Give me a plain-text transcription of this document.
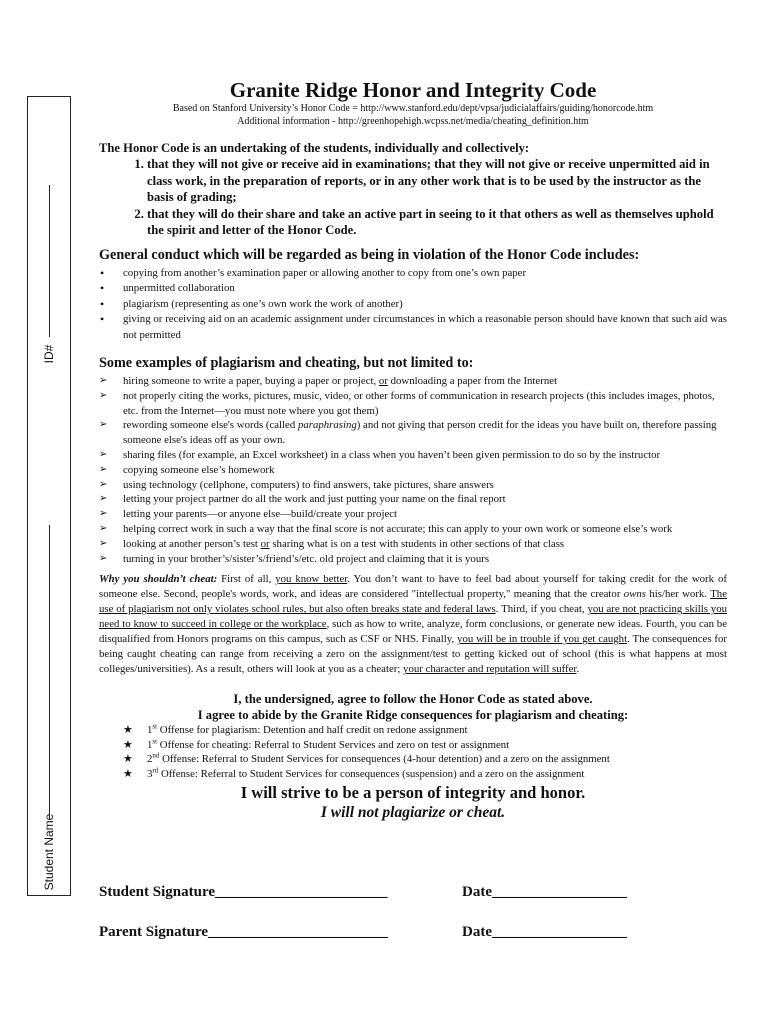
ID#
Student Name
Granite Ridge Honor and Integrity Code

Based on Stanford University’s Honor Code = http://www.stanford.edu/dept/vpsa/judicialaffairs/guiding/honorcode.htm

Additional information - http://greenhopehigh.wcpss.net/media/cheating_definition.htm

The Honor Code is an undertaking of the students, individually and collectively:
1. that they will not give or receive aid in examinations; that they will not give or receive unpermitted aid in class work, in the preparation of reports, or in any other work that is to be used by the instructor as the basis of grading;
2. that they will do their share and take an active part in seeing to it that others as well as themselves uphold the spirit and letter of the Honor Code.
General conduct which will be regarded as being in violation of the Honor Code includes:
• copying from another’s examination paper or allowing another to copy from one’s own paper
• unpermitted collaboration
• plagiarism (representing as one’s own work the work of another)
• giving or receiving aid on an academic assignment under circumstances in which a reasonable person should have known that such aid was not permitted
Some examples of plagiarism and cheating, but not limited to:
➢ hiring someone to write a paper, buying a paper or project, or downloading a paper from the Internet
➢ not properly citing the works, pictures, music, video, or other forms of communication in research projects (this includes images, photos, etc. from the Internet—you must note where you got them)
➢ rewording someone else's words (called paraphrasing) and not giving that person credit for the ideas you have built on, therefore passing someone else's ideas off as your own.
➢ sharing files (for example, an Excel worksheet) in a class when you haven’t been given permission to do so by the instructor
➢ copying someone else’s homework
➢ using technology (cellphone, computers) to find answers, take pictures, share answers
➢ letting your project partner do all the work and just putting your name on the final report
➢ letting your parents—or anyone else—build/create your project
➢ helping correct work in such a way that the final score is not accurate; this can apply to your own work or someone else’s work
➢ looking at another person’s test or sharing what is on a test with students in other sections of that class
➢ turning in your brother’s/sister’s/friend’s/etc. old project and claiming that it is yours
Why you shouldn’t cheat: First of all, you know better. You don’t want to have to feel bad about yourself for taking credit for the work of someone else. Second, people's words, work, and ideas are considered "intellectual property," meaning that the creator owns his/her work. The use of plagiarism not only violates school rules, but also often breaks state and federal laws. Third, if you cheat, you are not practicing skills you need to know to succeed in college or the workplace, such as how to write, analyze, form conclusions, or generate new ideas. Fourth, you can be disqualified from Honors programs on this campus, such as CSF or NHS. Finally, you will be in trouble if you get caught. The consequences for being caught cheating can range from receiving a zero on the assignment/test to getting kicked out of school (this is what happens at most colleges/universities). As a result, others will look at you as a cheater; your character and reputation will suffer.
I, the undersigned, agree to follow the Honor Code as stated above.
I agree to abide by the Granite Ridge consequences for plagiarism and cheating:
★ 1st Offense for plagiarism: Detention and half credit on redone assignment
★ 1st Offense for cheating: Referral to Student Services and zero on test or assignment
★ 2nd Offense: Referral to Student Services for consequences (4-hour detention) and a zero on the assignment
★ 3rd Offense: Referral to Student Services for consequences (suspension) and a zero on the assignment
I will strive to be a person of integrity and honor.
I will not plagiarize or cheat.
Student Signature_______________________	Date__________________
Parent Signature________________________	Date__________________
